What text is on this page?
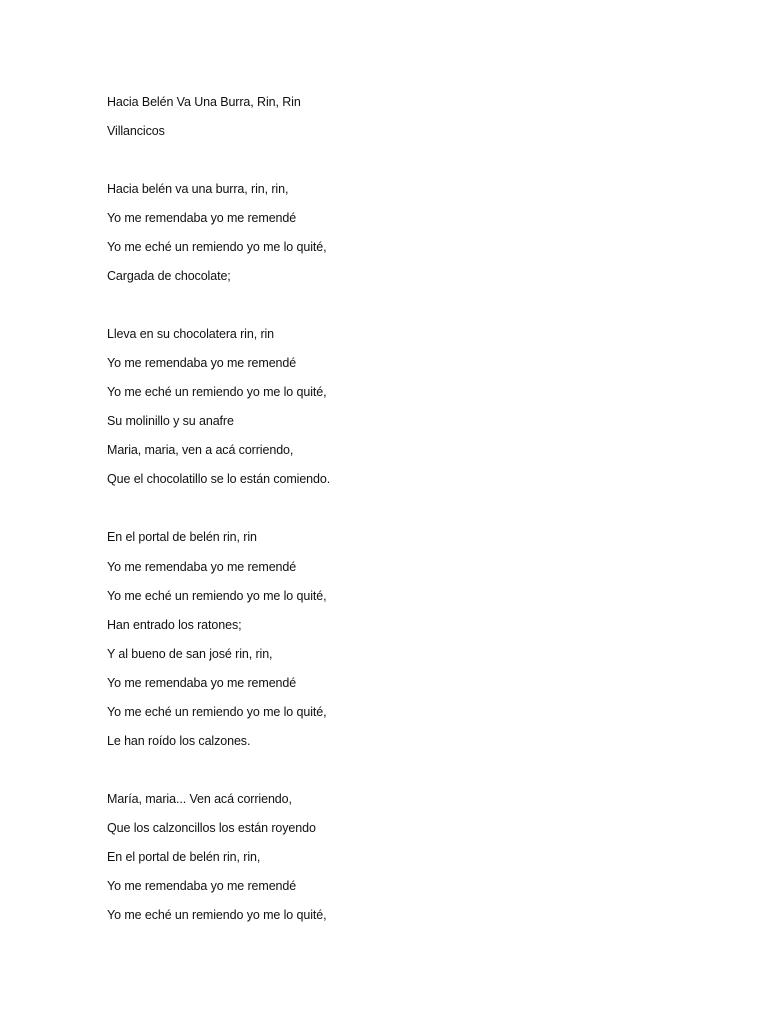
Hacia Belén Va Una Burra, Rin, Rin
Villancicos
Hacia belén va una burra, rin, rin,
Yo me remendaba yo me remendé
Yo me eché un remiendo yo me lo quité,
Cargada de chocolate;
Lleva en su chocolatera rin, rin
Yo me remendaba yo me remendé
Yo me eché un remiendo yo me lo quité,
Su molinillo y su anafre
Maria, maria, ven a acá corriendo,
Que el chocolatillo se lo están comiendo.
En el portal de belén rin, rin
Yo me remendaba yo me remendé
Yo me eché un remiendo yo me lo quité,
Han entrado los ratones;
Y al bueno de san josé rin, rin,
Yo me remendaba yo me remendé
Yo me eché un remiendo yo me lo quité,
Le han roído los calzones.
María, maria... Ven acá corriendo,
Que los calzoncillos los están royendo
En el portal de belén rin, rin,
Yo me remendaba yo me remendé
Yo me eché un remiendo yo me lo quité,
